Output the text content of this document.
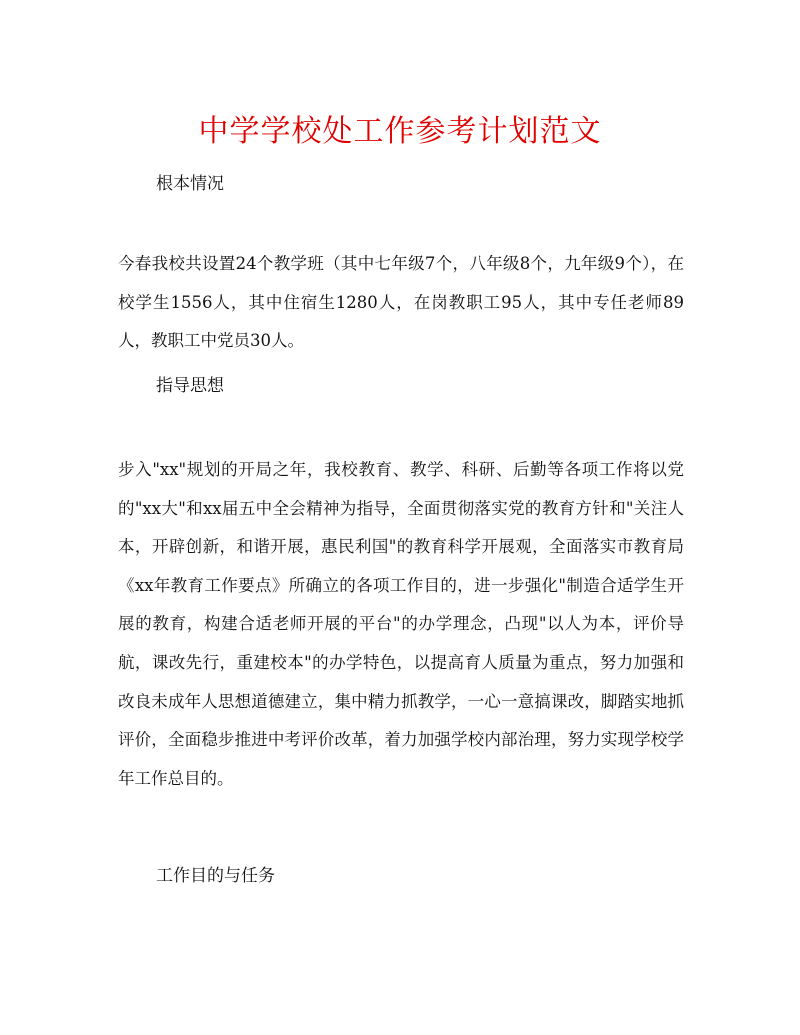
中学学校处工作参考计划范文
根本情况

今春我校共设置24个教学班（其中七年级7个，八年级8个，九年级9个），在校学生1556人，其中住宿生1280人，在岗教职工95人，其中专任老师89人，教职工中党员30人。

指导思想

步入"xx"规划的开局之年，我校教育、教学、科研、后勤等各项工作将以党的"xx大"和xx届五中全会精神为指导，全面贯彻落实党的教育方针和"关注人本，开辟创新，和谐开展，惠民利国"的教育科学开展观，全面落实市教育局《xx年教育工作要点》所确立的各项工作目的，进一步强化"制造合适学生开展的教育，构建合适老师开展的平台"的办学理念，凸现"以人为本，评价导航，课改先行，重建校本"的办学特色，以提高育人质量为重点，努力加强和改良未成年人思想道德建立，集中精力抓教学，一心一意搞课改，脚踏实地抓评价，全面稳步推进中考评价改革，着力加强学校内部治理，努力实现学校学年工作总目的。

工作目的与任务
